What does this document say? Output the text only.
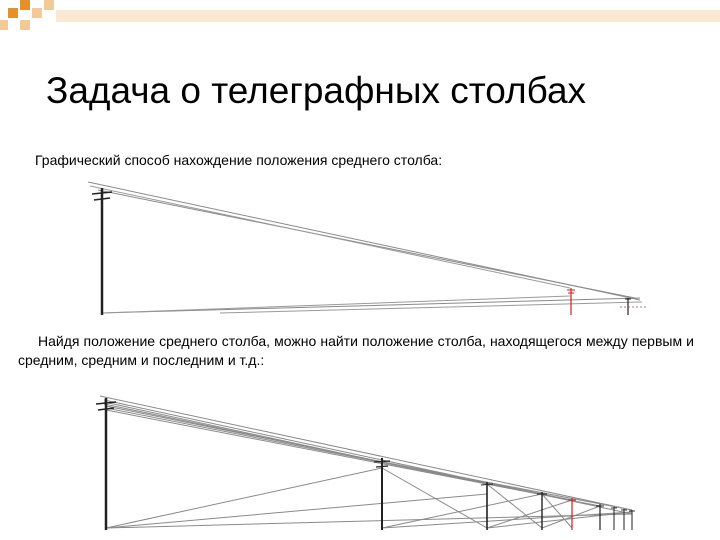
Задача о телеграфных столбах
Графический способ нахождение положения среднего столба:
Найдя положение среднего столба, можно найти положение столба, находящегося между первым и средним, средним и последним и т.д.:
